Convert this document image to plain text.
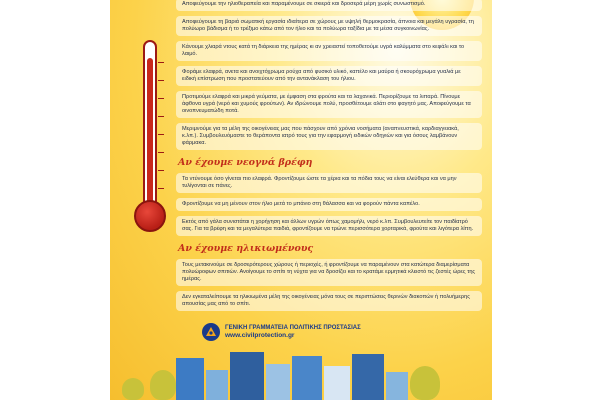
Αποφεύγουμε την ηλιοθεραπεία και παραμένουμε σε σκιερά και δροσερά μέρη χωρίς συνωστισμό.
Αποφεύγουμε τη βαριά σωματική εργασία ιδιαίτερα σε χώρους με υψηλή θερμοκρασία, άπνοια και μεγάλη υγρασία, τη πολύωρο βάδισμα ή το τρέξιμο κάτω από τον ήλιο και τα πολύωρα ταξίδια με τα μέσα συγκοινωνίας.
Κάνουμε χλιαρά ντους κατά τη διάρκεια της ημέρας κι αν χρειαστεί τοποθετούμε υγρά καλύμματα στο κεφάλι και το λαιμό.
Φοράμε ελαφρά, ανετα και ανοιχτόχρωμα ρούχα από φυσικό υλικό, καπέλο και μαύρα ή σκουρόχρωμα γυαλιά με ειδική επίστρωση που προστατεύουν από την αντανάκλαση του ήλιου.
Προτιμούμε ελαφρά και μικρά γεύματα, με έμφαση στα φρούτα και τα λαχανικά. Περιορίζουμε τα λιπαρά. Πίνουμε άφθονα υγρά (νερό και χυμούς φρούτων). Αν ιδρώνουμε πολύ, προσθέτουμε αλάτι στο φαγητό μας. Αποφεύγουμε τα οινοπνευματώδη ποτά.
Μεριμνούμε για τα μέλη της οικογένειας μας που πάσχουν από χρόνια νοσήματα (αναπνευστικά, καρδιαγγειακά, κ.λπ.). Συμβουλευόμαστε το θεράποντα ιατρό τους για την εφαρμογή ειδικών οδηγιών και για όσους λαμβάνουν φάρμακα.
Αν έχουμε νεογνά βρέφη
Τα ντύνουμε όσο γίνεται πιο ελαφρά. Φροντίζουμε ώστε τα χέρια και τα πόδια τους να είναι ελεύθερα και να μην τυλίγονται σε πάνες.
Φροντίζουμε να μη μένουν στον ήλιο μετά το μπάνιο στη θάλασσα και να φορούν πάντα καπέλο.
Εκτός από γάλα συνιστάται η χορήγηση και άλλων υγρών όπως χαμομήλι, νερό κ.λπ. Συμβουλευτείτε τον παιδίατρό σας. Για τα βρέφη και τα μεγαλύτερα παιδιά, φροντίζουμε να τρώνε περισσότερα χορταρικά, φρούτα και λιγότερα λίπη.
Αν έχουμε ηλικιωμένους
Τους μετακινούμε σε δροσερότερους χώρους ή περιοχές, ή φροντίζουμε να παραμένουν στα κατώτερα διαμερίσματα πολυώροφων σπιτιών. Ανοίγουμε το σπίτι τη νύχτα για να δροσίζει και το κρατάμε ερμητικά κλειστό τις ζεστές ώρες της ημέρας.
Δεν εγκαταλείπουμε τα ηλικιωμένα μέλη της οικογένειας μόνα τους σε περιπτώσεις θερινών διακοπών ή πολυήμερης απουσίας μας από το σπίτι.
ΓΕΝΙΚΗ ΓΡΑΜΜΑΤΕΙΑ ΠΟΛΙΤΙΚΗΣ ΠΡΟΣΤΑΣΙΑΣ
www.civilprotection.gr
